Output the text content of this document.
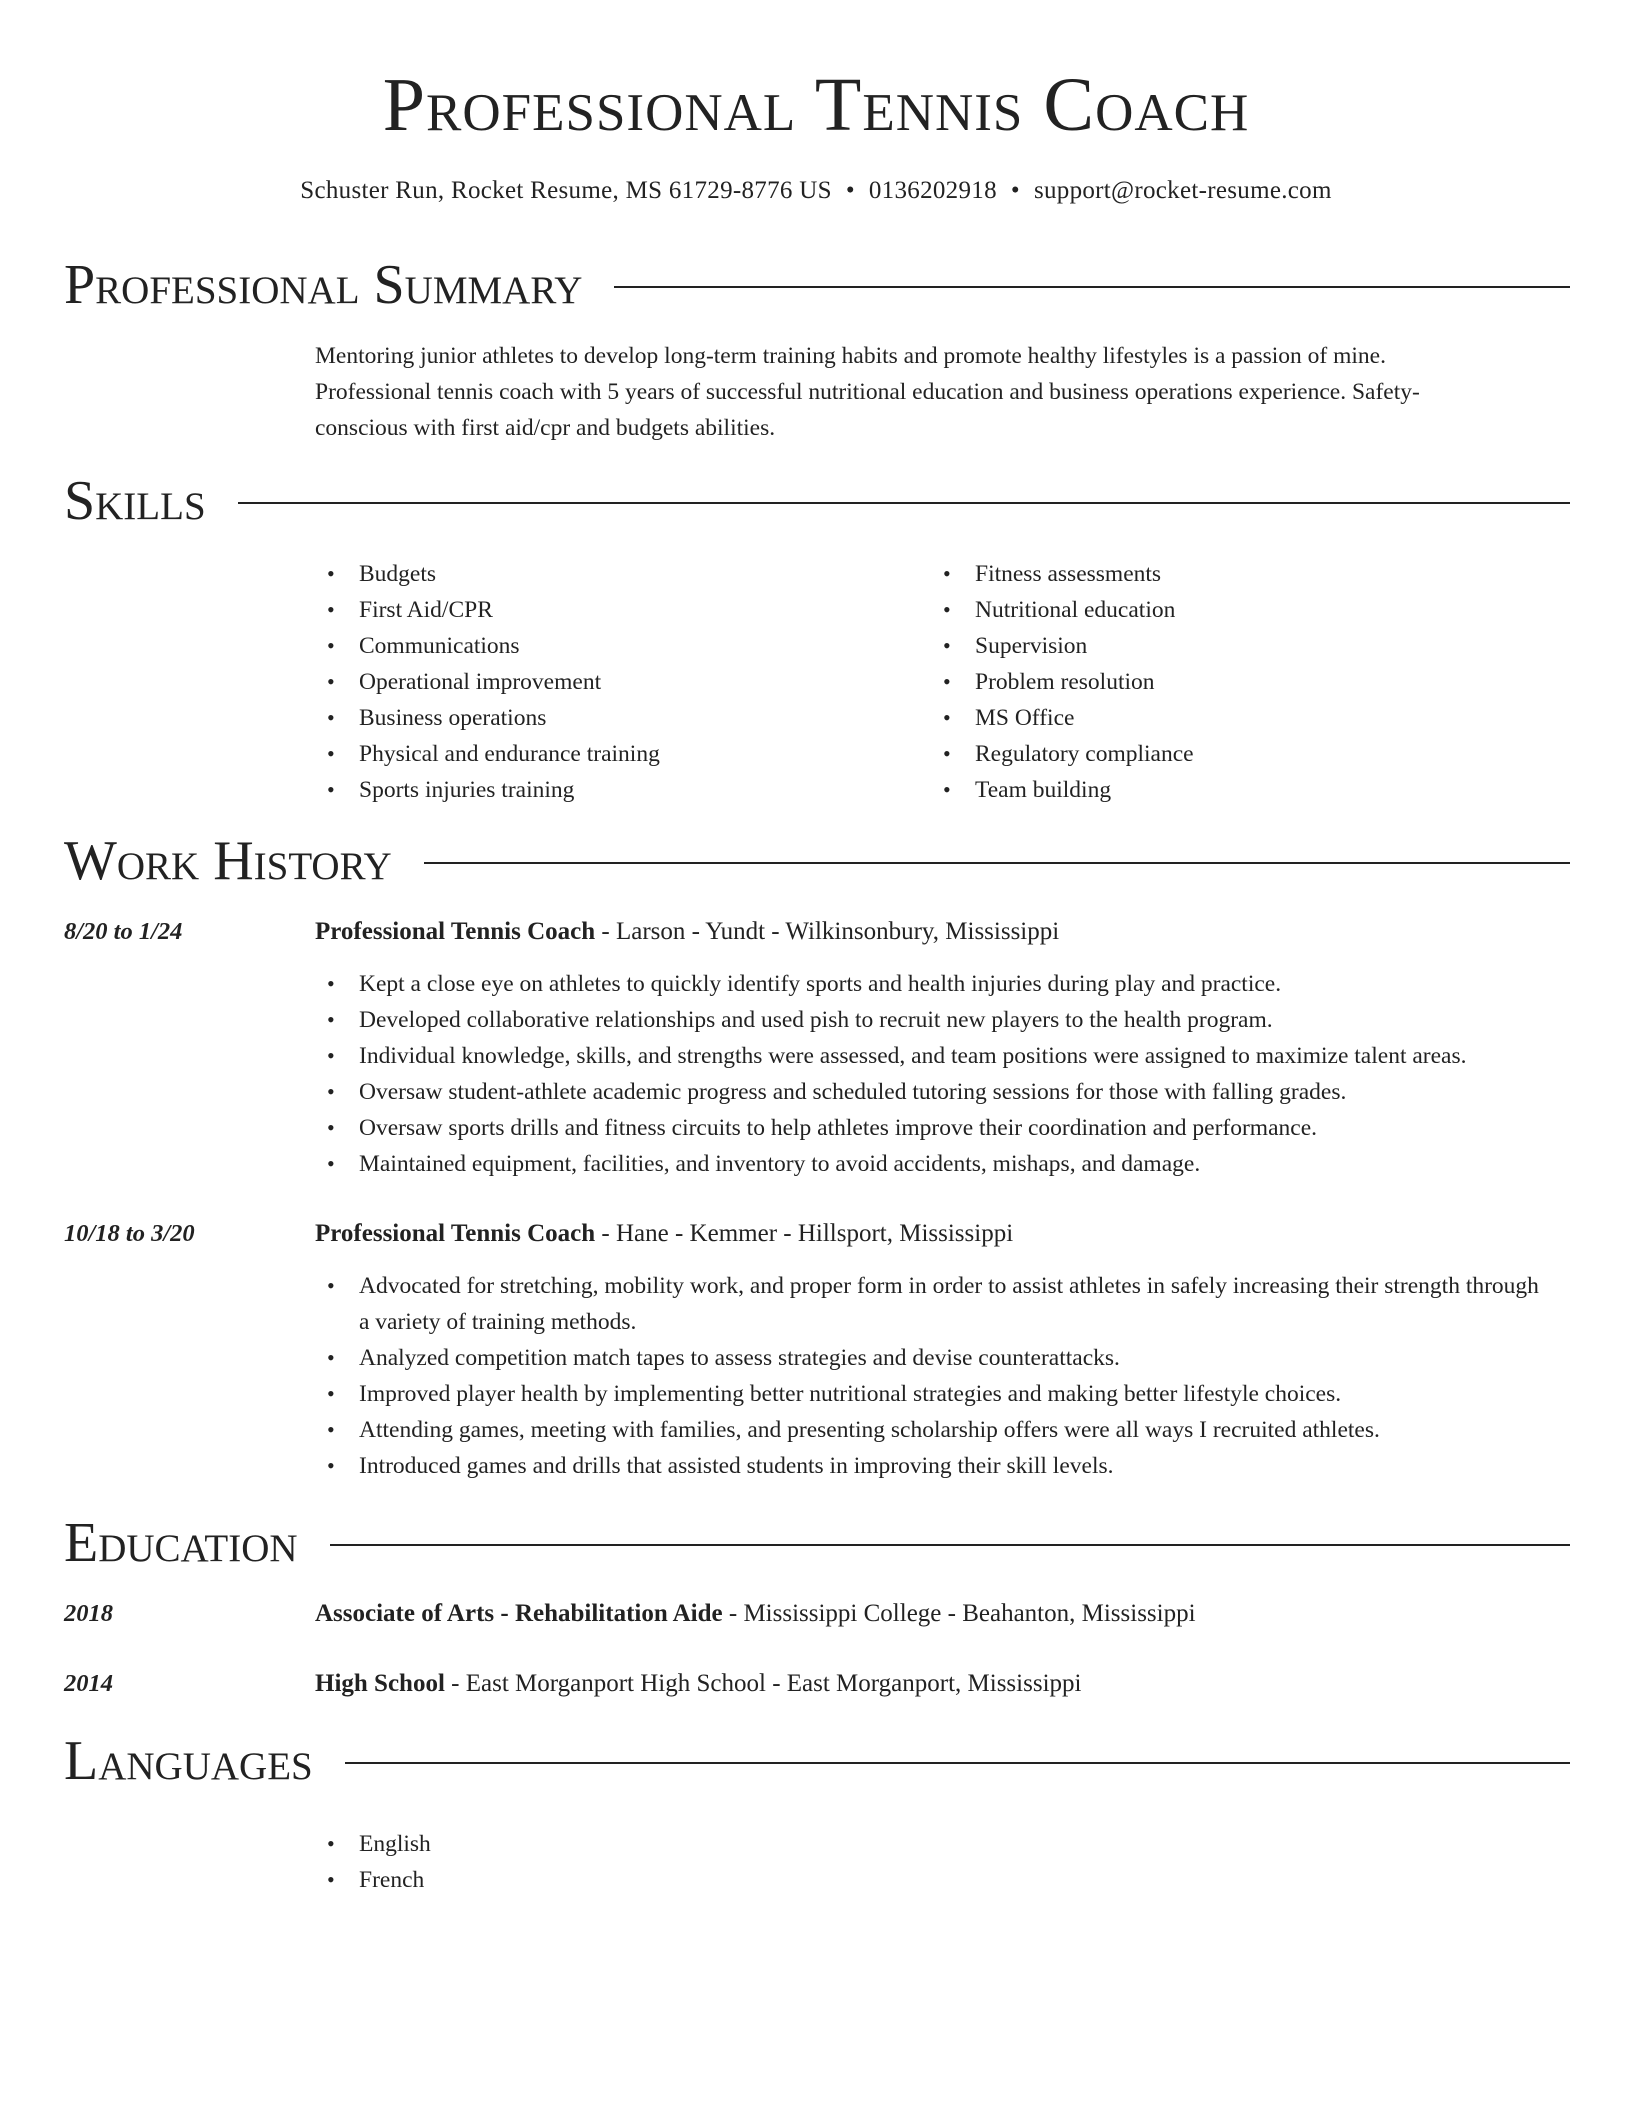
Professional Tennis Coach
Schuster Run, Rocket Resume, MS 61729-8776 US • 0136202918 • support@rocket-resume.com
Professional Summary
Mentoring junior athletes to develop long-term training habits and promote healthy lifestyles is a passion of mine. Professional tennis coach with 5 years of successful nutritional education and business operations experience. Safety-conscious with first aid/cpr and budgets abilities.
Skills
• Budgets
• First Aid/CPR
• Communications
• Operational improvement
• Business operations
• Physical and endurance training
• Sports injuries training
• Fitness assessments
• Nutritional education
• Supervision
• Problem resolution
• MS Office
• Regulatory compliance
• Team building
Work History
8/20 to 1/24	Professional Tennis Coach - Larson - Yundt - Wilkinsonbury, Mississippi
• Kept a close eye on athletes to quickly identify sports and health injuries during play and practice.
• Developed collaborative relationships and used pish to recruit new players to the health program.
• Individual knowledge, skills, and strengths were assessed, and team positions were assigned to maximize talent areas.
• Oversaw student-athlete academic progress and scheduled tutoring sessions for those with falling grades.
• Oversaw sports drills and fitness circuits to help athletes improve their coordination and performance.
• Maintained equipment, facilities, and inventory to avoid accidents, mishaps, and damage.
10/18 to 3/20	Professional Tennis Coach - Hane - Kemmer - Hillsport, Mississippi
• Advocated for stretching, mobility work, and proper form in order to assist athletes in safely increasing their strength through a variety of training methods.
• Analyzed competition match tapes to assess strategies and devise counterattacks.
• Improved player health by implementing better nutritional strategies and making better lifestyle choices.
• Attending games, meeting with families, and presenting scholarship offers were all ways I recruited athletes.
• Introduced games and drills that assisted students in improving their skill levels.
Education
2018	Associate of Arts - Rehabilitation Aide - Mississippi College - Beahanton, Mississippi
2014	High School - East Morganport High School - East Morganport, Mississippi
Languages
• English
• French
